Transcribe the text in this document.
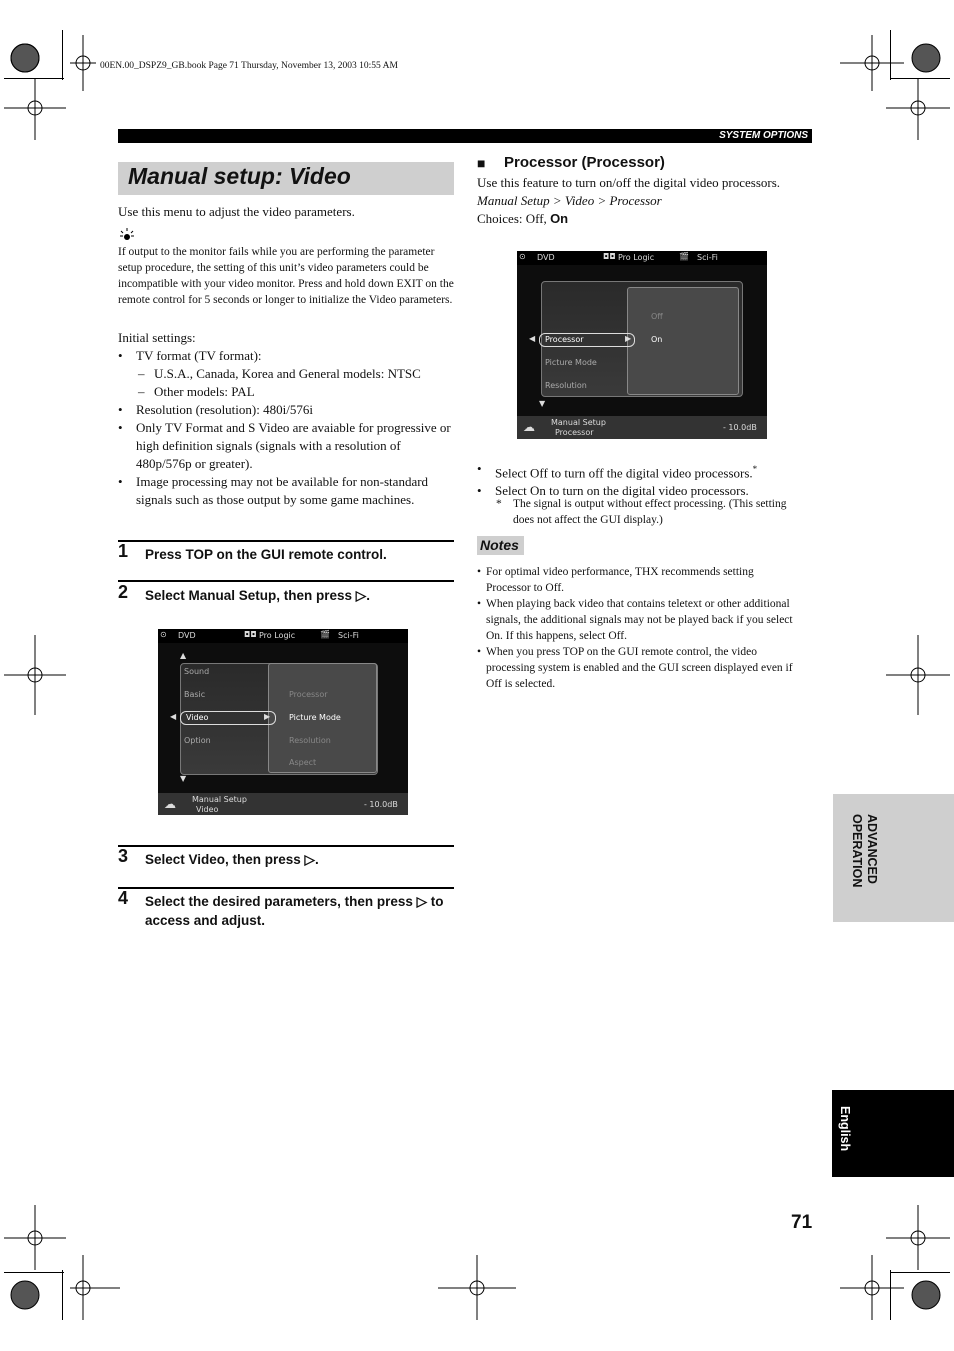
00EN.00_DSPZ9_GB.book Page 71 Thursday, November 13, 2003 10:55 AM
SYSTEM OPTIONS
Manual setup: Video
Use this menu to adjust the video parameters.
If output to the monitor fails while you are performing the parameter setup procedure, the setting of this unit’s video parameters could be incompatible with your video monitor. Press and hold down EXIT on the remote control for 5 seconds or longer to initialize the Video parameters.
Initial settings:
• TV format (TV format):
– U.S.A., Canada, Korea and General models: NTSC
– Other models: PAL
• Resolution (resolution): 480i/576i
• Only TV Format and S Video are avaiable for progressive or high definition signals (signals with a resolution of 480p/576p or greater).
• Image processing may not be available for non-standard signals such as those output by some game machines.
1 Press TOP on the GUI remote control.
2 Select Manual Setup, then press ▷.
⊙ DVD	◘◘ Pro Logic	🎬 Sci-Fi
▲
▼
Sound
Basic
Video
◀	▶
Option
Processor
Picture Mode
Resolution
Aspect
☁ Manual Setup
Video
- 10.0dB
3 Select Video, then press ▷.
4 Select the desired parameters, then press ▷ to access and adjust.
■ Processor (Processor)
Use this feature to turn on/off the digital video processors.
Manual Setup > Video > Processor
Choices: Off, On
⊙ DVD	◘◘ Pro Logic	🎬 Sci-Fi
◀	▶
Processor
Picture Mode
Resolution
Off
On
▼
☁ Manual Setup
Processor
- 10.0dB
• Select Off to turn off the digital video processors.*
• Select On to turn on the digital video processors.
* The signal is output without effect processing. (This setting does not affect the GUI display.)
Notes
• For optimal video performance, THX recommends setting Processor to Off.
• When playing back video that contains teletext or other additional signals, the additional signals may not be played back if you select On. If this happens, select Off.
• When you press TOP on the GUI remote control, the video processing system is enabled and the GUI screen displayed even if Off is selected.
ADVANCED OPERATION
English
71
